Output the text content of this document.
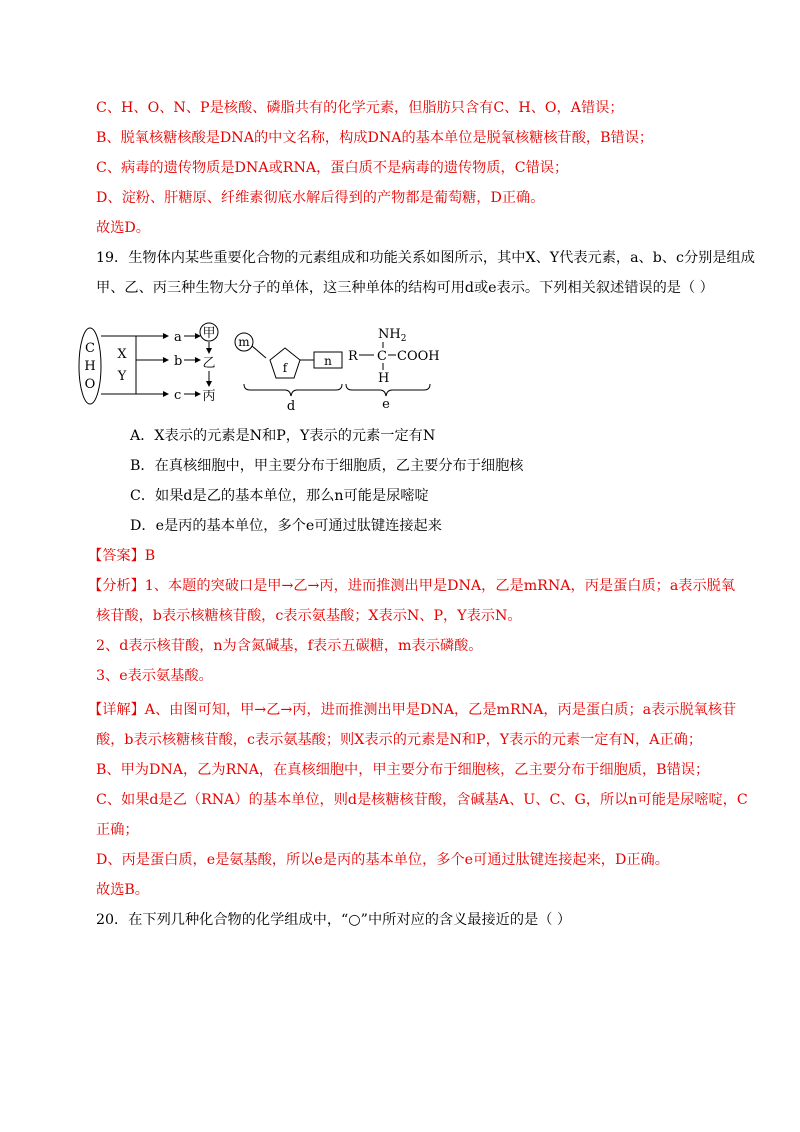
C、H、O、N、P是核酸、磷脂共有的化学元素，但脂肪只含有C、H、O，A错误；
B、脱氧核糖核酸是DNA的中文名称，构成DNA的基本单位是脱氧核糖核苷酸，B错误；
C、病毒的遗传物质是DNA或RNA，蛋白质不是病毒的遗传物质，C错误；
D、淀粉、肝糖原、纤维素彻底水解后得到的产物都是葡萄糖，D正确。
故选D。
19．生物体内某些重要化合物的元素组成和功能关系如图所示，其中X、Y代表元素，a、b、c分别是组成
甲、乙、丙三种生物大分子的单体，这三种单体的结构可用d或e表示。下列相关叙述错误的是（ ）
C
H
O
X
Y
a
b
c
甲
乙
丙
m
f	n
d
$NH_2$
R C COOH
H
e
A．X表示的元素是N和P，Y表示的元素一定有N
B．在真核细胞中，甲主要分布于细胞质，乙主要分布于细胞核
C．如果d是乙的基本单位，那么n可能是尿嘧啶
D．e是丙的基本单位，多个e可通过肽键连接起来
【答案】B
【分析】1、本题的突破口是甲→乙→丙，进而推测出甲是DNA，乙是mRNA，丙是蛋白质；a表示脱氧
核苷酸，b表示核糖核苷酸，c表示氨基酸；X表示N、P，Y表示N。
2、d表示核苷酸，n为含氮碱基，f表示五碳糖，m表示磷酸。
3、e表示氨基酸。
【详解】A、由图可知，甲→乙→丙，进而推测出甲是DNA，乙是mRNA，丙是蛋白质；a表示脱氧核苷
酸，b表示核糖核苷酸，c表示氨基酸；则X表示的元素是N和P，Y表示的元素一定有N，A正确；
B、甲为DNA，乙为RNA，在真核细胞中，甲主要分布于细胞核，乙主要分布于细胞质，B错误；
C、如果d是乙（RNA）的基本单位，则d是核糖核苷酸，含碱基A、U、C、G，所以n可能是尿嘧啶，C
正确；
D、丙是蛋白质，e是氨基酸，所以e是丙的基本单位，多个e可通过肽键连接起来，D正确。
故选B。
20．在下列几种化合物的化学组成中，“○”中所对应的含义最接近的是（ ）
